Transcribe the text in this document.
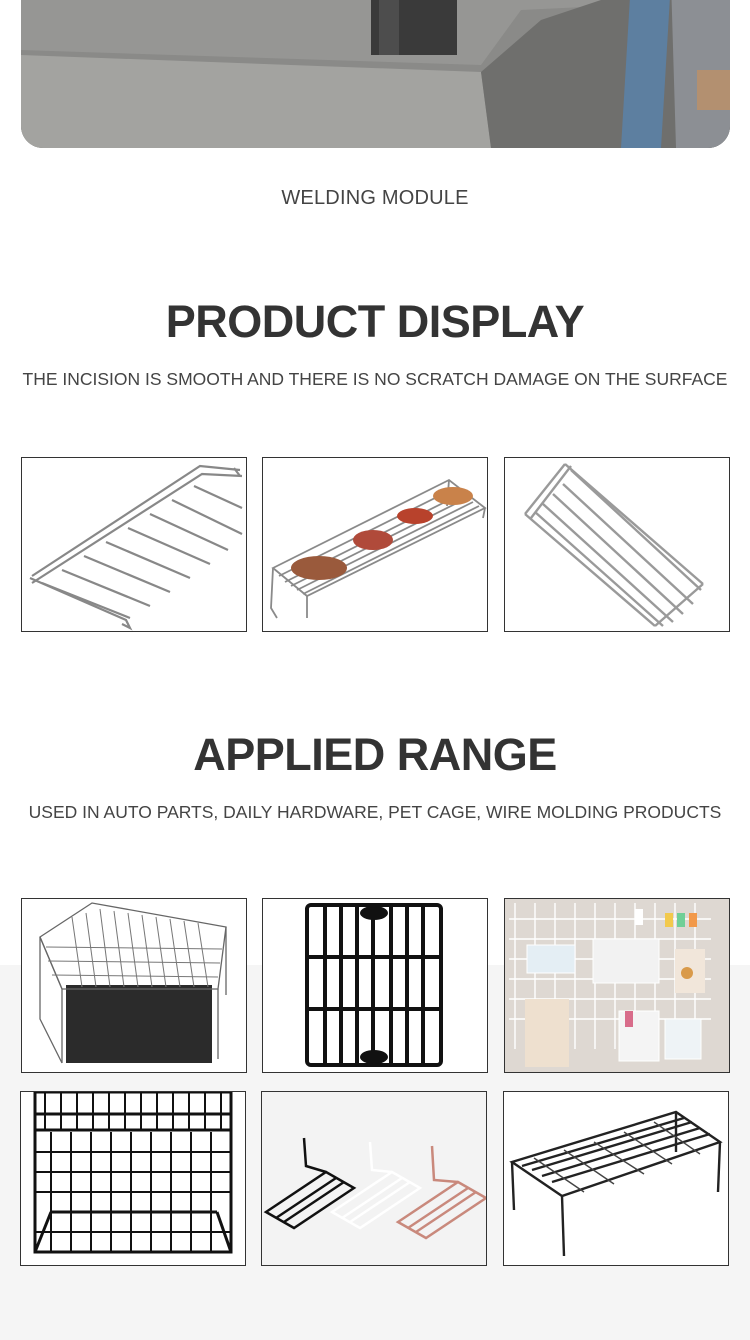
WELDING MODULE
PRODUCT DISPLAY
THE INCISION IS SMOOTH AND THERE IS NO SCRATCH DAMAGE ON THE SURFACE
APPLIED RANGE
USED IN AUTO PARTS, DAILY HARDWARE, PET CAGE, WIRE MOLDING PRODUCTS
